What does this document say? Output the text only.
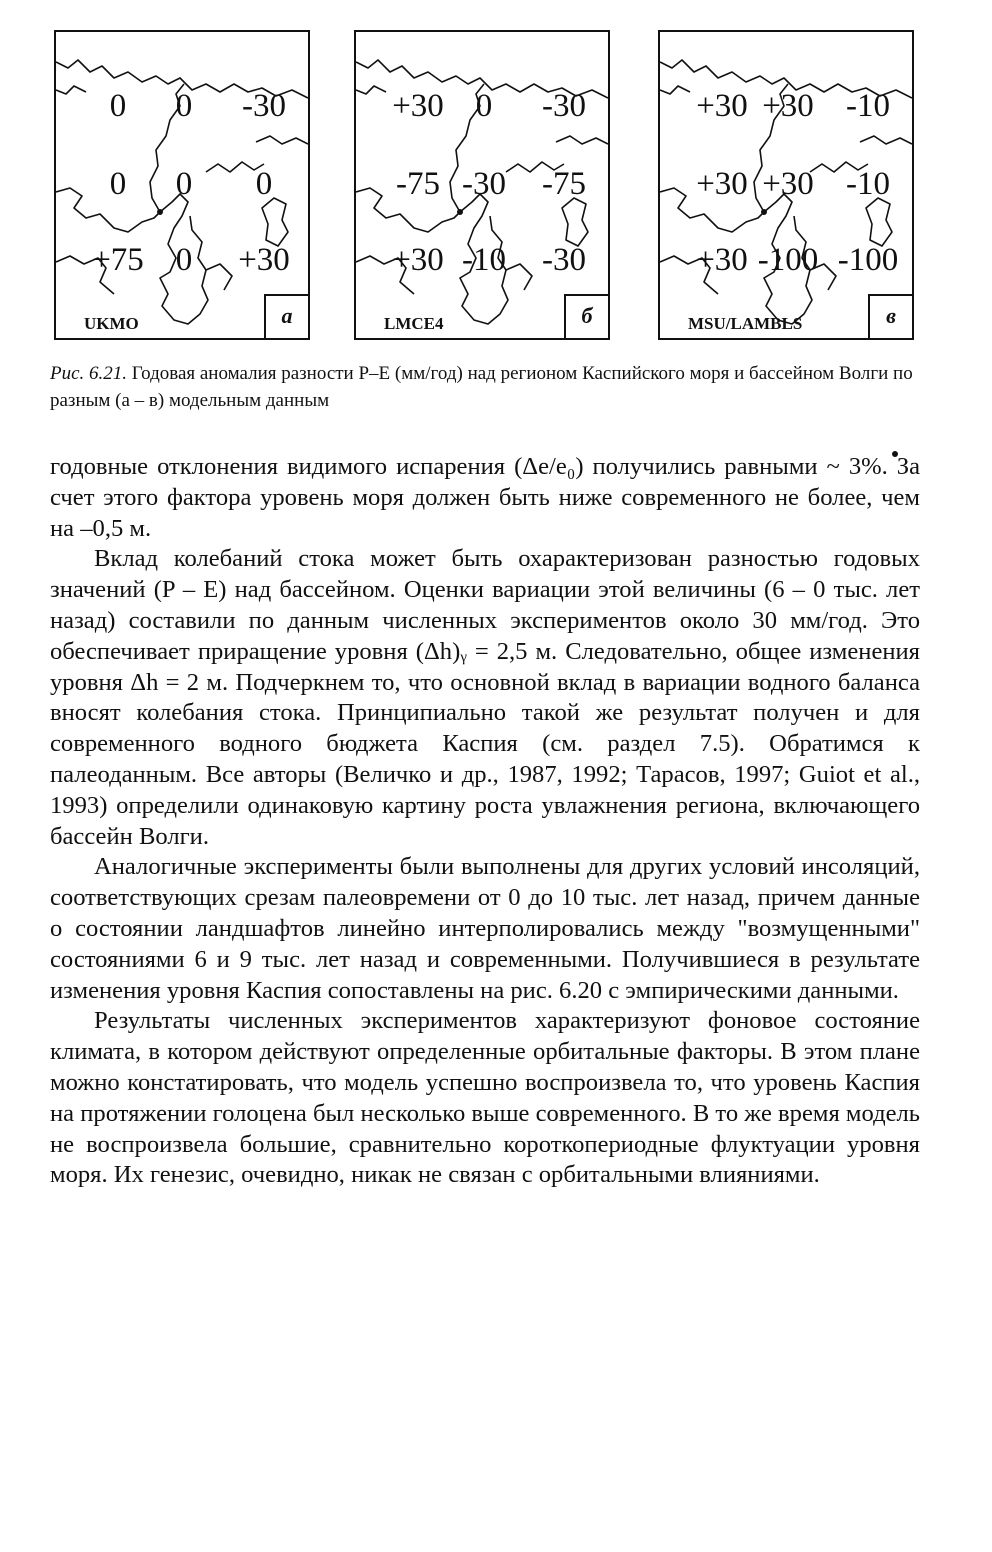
0 0 -30
0 0 0
+75 0 +30
UKMO	а
+30 0 -30
-75 -30 -75
+30 -10 -30
LMCE4	б
+30 +30 -10
+30 +30 -10
+30 -100 -100
MSU/LAMBLS	в
Рис. 6.21. Годовая аномалия разности P–E (мм/год) над регионом Каспийского моря и бассейном Волги по разным (а – в) модельным данным

годовные отклонения видимого испарения (Δe/e₀) получились равными ~ 3%. За счет этого фактора уровень моря должен быть ниже современного не более, чем на –0,5 м.

Вклад колебаний стока может быть охарактеризован разностью годовых значений (P – E) над бассейном. Оценки вариации этой величины (6 – 0 тыс. лет назад) составили по данным численных экспериментов около 30 мм/год. Это обеспечивает приращение уровня (Δh)ᵧ = 2,5 м. Следовательно, общее изменения уровня Δh = 2 м. Подчеркнем то, что основной вклад в вариации водного баланса вносят колебания стока. Принципиально такой же результат получен и для современного водного бюджета Каспия (см. раздел 7.5). Обратимся к палеоданным. Все авторы (Величко и др., 1987, 1992; Тарасов, 1997; Guiot et al., 1993) определили одинаковую картину роста увлажнения региона, включающего бассейн Волги.

Аналогичные эксперименты были выполнены для других условий инсоляций, соответствующих срезам палеовремени от 0 до 10 тыс. лет назад, причем данные о состоянии ландшафтов линейно интерполировались между "возмущенными" состояниями 6 и 9 тыс. лет назад и современными. Получившиеся в результате изменения уровня Каспия сопоставлены на рис. 6.20 с эмпирическими данными.

Результаты численных экспериментов характеризуют фоновое состояние климата, в котором действуют определенные орбитальные факторы. В этом плане можно констатировать, что модель успешно воспроизвела то, что уровень Каспия на протяжении голоцена был несколько выше современного. В то же время модель не воспроизвела большие, сравнительно короткопериодные флуктуации уровня моря. Их генезис, очевидно, никак не связан с орбитальными влияниями.
